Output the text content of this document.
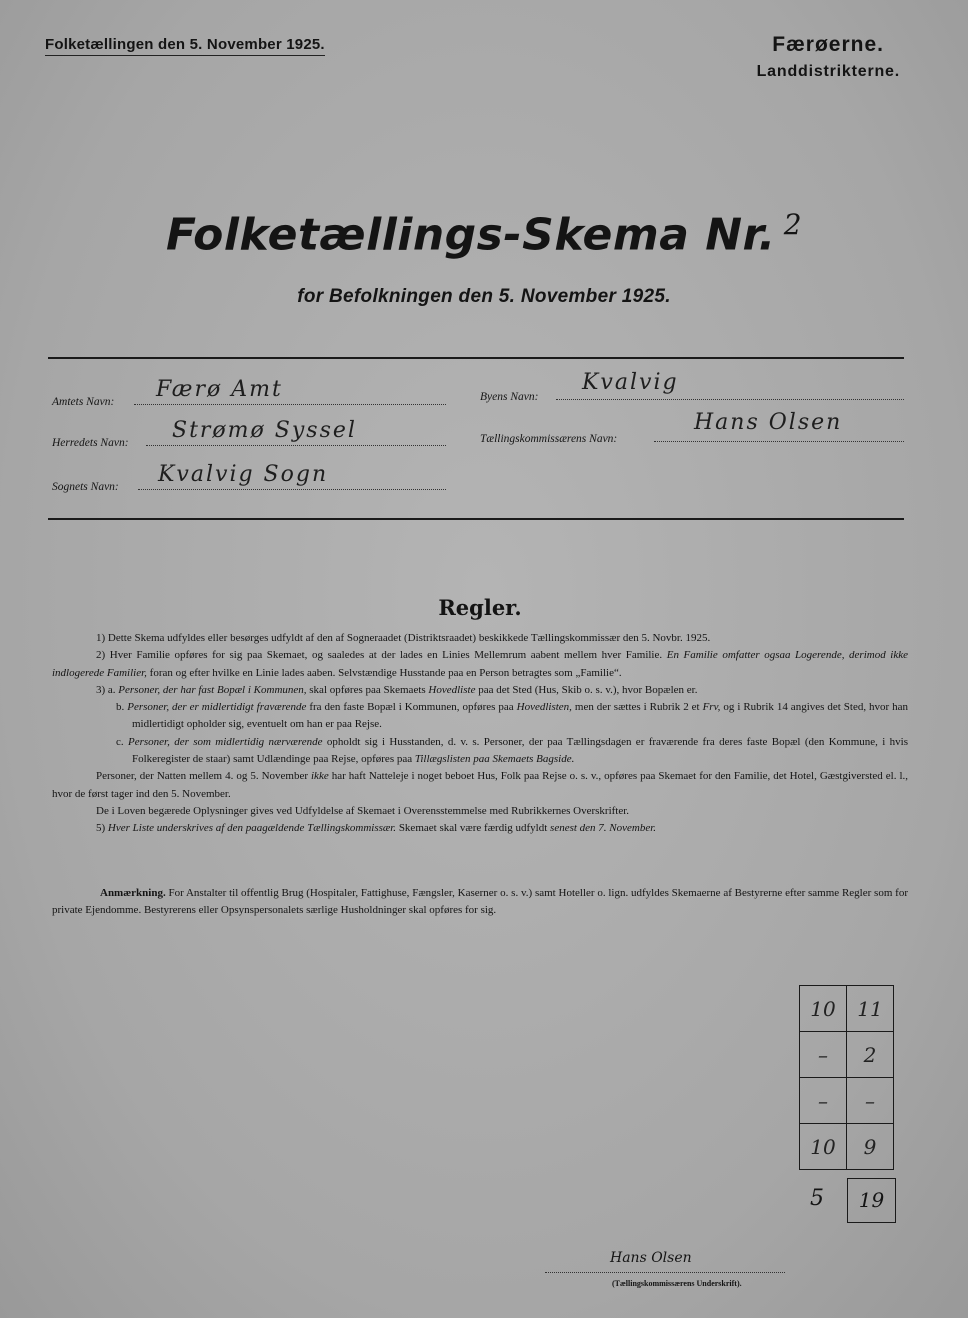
Folketællingen den 5. November 1925.	Færøerne.
Landdistrikterne.
Folketællings-Skema Nr. $^2$
for Befolkningen den 5. November 1925.
Amtets Navn: Færø Amt
Herredets Navn: Strømø Syssel
Sognets Navn: Kvalvig Sogn
Byens Navn:
Kvalvig
Tællingskommissærens Navn:
Hans Olsen
Regler.

1) Dette Skema udfyldes eller besørges udfyldt af den af Sogneraadet (Distriktsraadet) beskikkede Tællingskommissær den 5. Novbr. 1925.

2) Hver Familie opføres for sig paa Skemaet, og saaledes at der lades en Linies Mellemrum aabent mellem hver Familie. En Familie omfatter ogsaa Logerende, derimod ikke indlogerede Familier, foran og efter hvilke en Linie lades aaben. Selvstændige Husstande paa en Person betragtes som „Familie“.

3) a. Personer, der har fast Bopæl i Kommunen, skal opføres paa Skemaets Hovedliste paa det Sted (Hus, Skib o. s. v.), hvor Bopælen er.

b. Personer, der er midlertidigt fraværende fra den faste Bopæl i Kommunen, opføres paa Hovedlisten, men der sættes i Rubrik 2 et Frv, og i Rubrik 14 angives det Sted, hvor han midlertidigt opholder sig, eventuelt om han er paa Rejse.

c. Personer, der som midlertidig nærværende opholdt sig i Husstanden, d. v. s. Personer, der paa Tællingsdagen er fraværende fra deres faste Bopæl (den Kommune, i hvis Folkeregister de staar) samt Udlændinge paa Rejse, opføres paa Tillægslisten paa Skemaets Bagside.

Personer, der Natten mellem 4. og 5. November ikke har haft Natteleje i noget beboet Hus, Folk paa Rejse o. s. v., opføres paa Skemaet for den Familie, det Hotel, Gæstgiversted el. l., hvor de først tager ind den 5. November.

De i Loven begærede Oplysninger gives ved Udfyldelse af Skemaet i Overensstemmelse med Rubrikkernes Overskrifter.

5) Hver Liste underskrives af den paagældende Tællingskommissær. Skemaet skal være færdig udfyldt senest den 7. November.

Anmærkning. For Anstalter til offentlig Brug (Hospitaler, Fattighuse, Fængsler, Kaserner o. s. v.) samt Hoteller o. lign. udfyldes Skemaerne af Bestyrerne efter samme Regler som for private Ejendomme. Bestyrerens eller Opsynspersonalets særlige Husholdninger skal opføres for sig.
10	11
–	2
–	–
10	9
5	19
Hans Olsen
(Tællingskommissærens Underskrift).
